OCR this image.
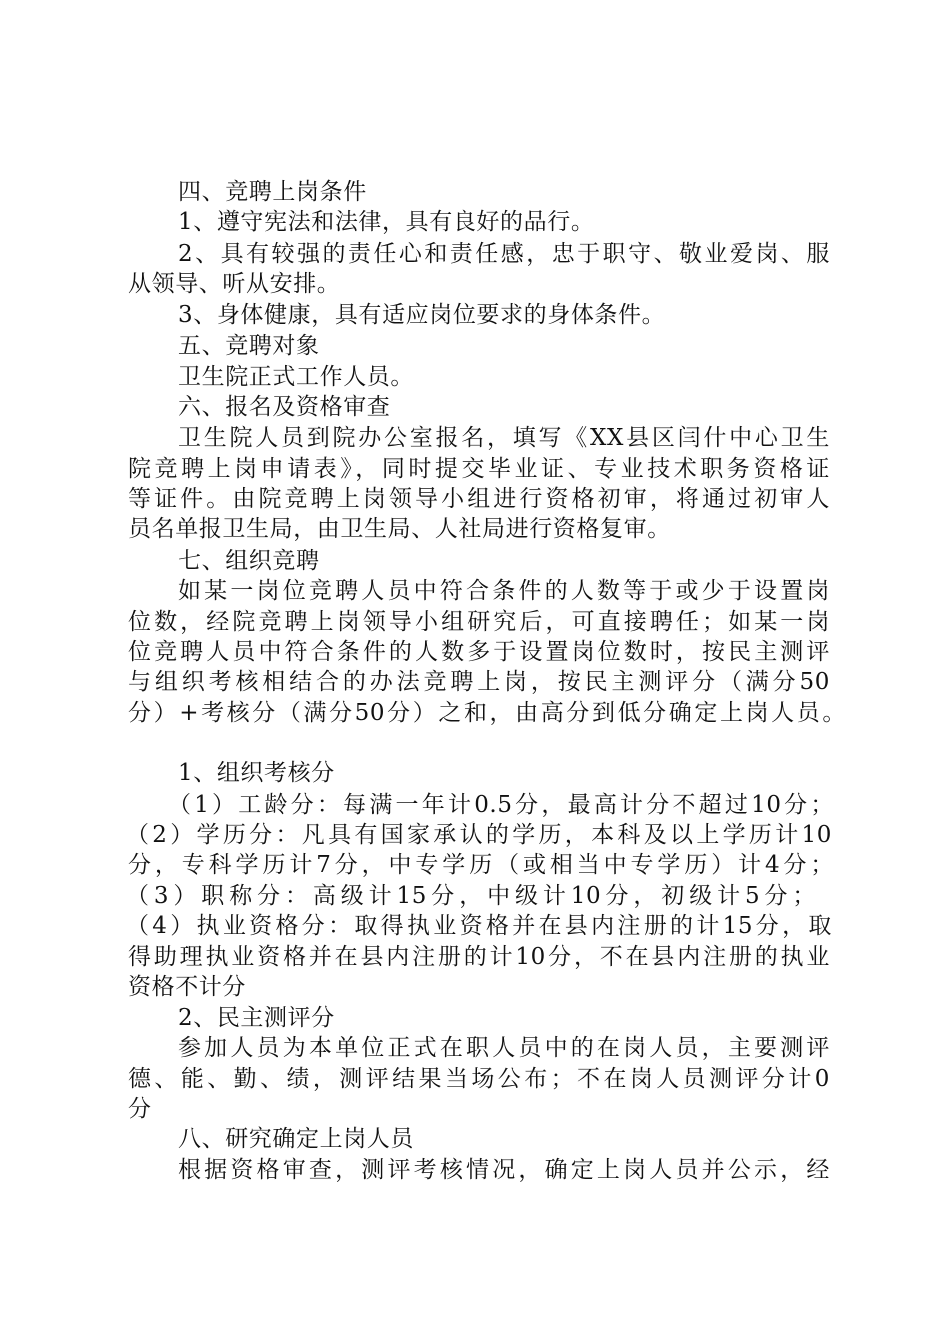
四、竞聘上岗条件
1、遵守宪法和法律，具有良好的品行。
2、具有较强的责任心和责任感，忠于职守、敬业爱岗、服
从领导、听从安排。
3、身体健康，具有适应岗位要求的身体条件。
五、竞聘对象
卫生院正式工作人员。
六、报名及资格审查
卫生院人员到院办公室报名，填写《XX县区闫什中心卫生
院竞聘上岗申请表》，同时提交毕业证、专业技术职务资格证
等证件。由院竞聘上岗领导小组进行资格初审，将通过初审人
员名单报卫生局，由卫生局、人社局进行资格复审。
七、组织竞聘
如某一岗位竞聘人员中符合条件的人数等于或少于设置岗
位数，经院竞聘上岗领导小组研究后，可直接聘任；如某一岗
位竞聘人员中符合条件的人数多于设置岗位数时，按民主测评
与组织考核相结合的办法竞聘上岗，按民主测评分（满分50
分）+考核分（满分50分）之和，由高分到低分确定上岗人员。
1、组织考核分
（1）工龄分：每满一年计0.5分，最高计分不超过10分；
（2）学历分：凡具有国家承认的学历，本科及以上学历计10
分，专科学历计7分，中专学历（或相当中专学历）计4分；
（3）职称分：高级计15分，中级计10分，初级计5分；
（4）执业资格分：取得执业资格并在县内注册的计15分，取
得助理执业资格并在县内注册的计10分，不在县内注册的执业
资格不计分
2、民主测评分
参加人员为本单位正式在职人员中的在岗人员，主要测评
德、能、勤、绩，测评结果当场公布；不在岗人员测评分计0
分
八、研究确定上岗人员
根据资格审查，测评考核情况，确定上岗人员并公示，经
